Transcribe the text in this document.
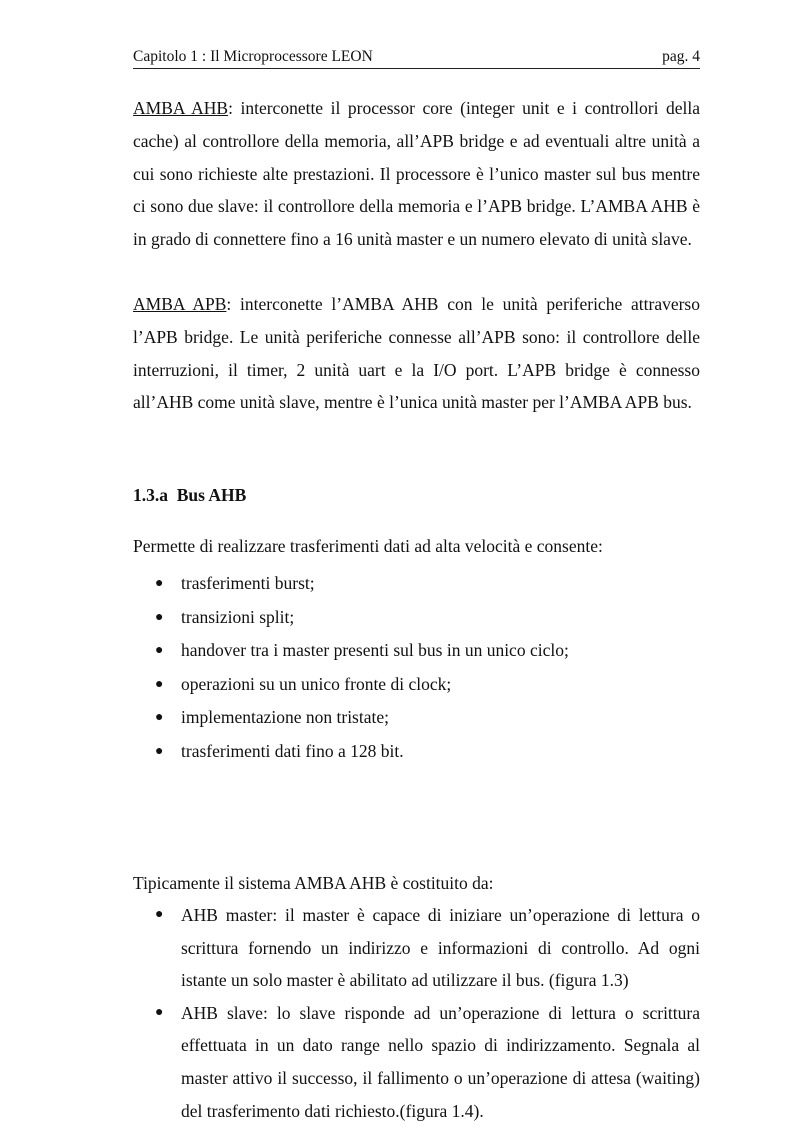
Capitolo 1 : Il Microprocessore LEON	pag. 4

AMBA AHB: interconette il processor core (integer unit e i controllori della cache) al controllore della memoria, all’APB bridge e ad eventuali altre unità a cui sono richieste alte prestazioni. Il processore è l’unico master sul bus mentre ci sono due slave: il controllore della memoria e l’APB bridge. L’AMBA AHB è in grado di connettere fino a 16 unità master e un numero elevato di unità slave.

AMBA APB: interconette l’AMBA AHB con le unità periferiche attraverso l’APB bridge. Le unità periferiche connesse all’APB sono: il controllore delle interruzioni, il timer, 2 unità uart e la I/O port. L’APB bridge è connesso all’AHB come unità slave, mentre è l’unica unità master per l’AMBA APB bus.

1.3.a Bus AHB

Permette di realizzare trasferimenti dati ad alta velocità e consente:

● trasferimenti burst;
● transizioni split;
● handover tra i master presenti sul bus in un unico ciclo;
● operazioni su un unico fronte di clock;
● implementazione non tristate;
● trasferimenti dati fino a 128 bit.

Tipicamente il sistema AMBA AHB è costituito da:

● AHB master: il master è capace di iniziare un’operazione di lettura o scrittura fornendo un indirizzo e informazioni di controllo. Ad ogni istante un solo master è abilitato ad utilizzare il bus. (figura 1.3)
● AHB slave: lo slave risponde ad un’operazione di lettura o scrittura effettuata in un dato range nello spazio di indirizzamento. Segnala al master attivo il successo, il fallimento o un’operazione di attesa (waiting) del trasferimento dati richiesto.(figura 1.4).
